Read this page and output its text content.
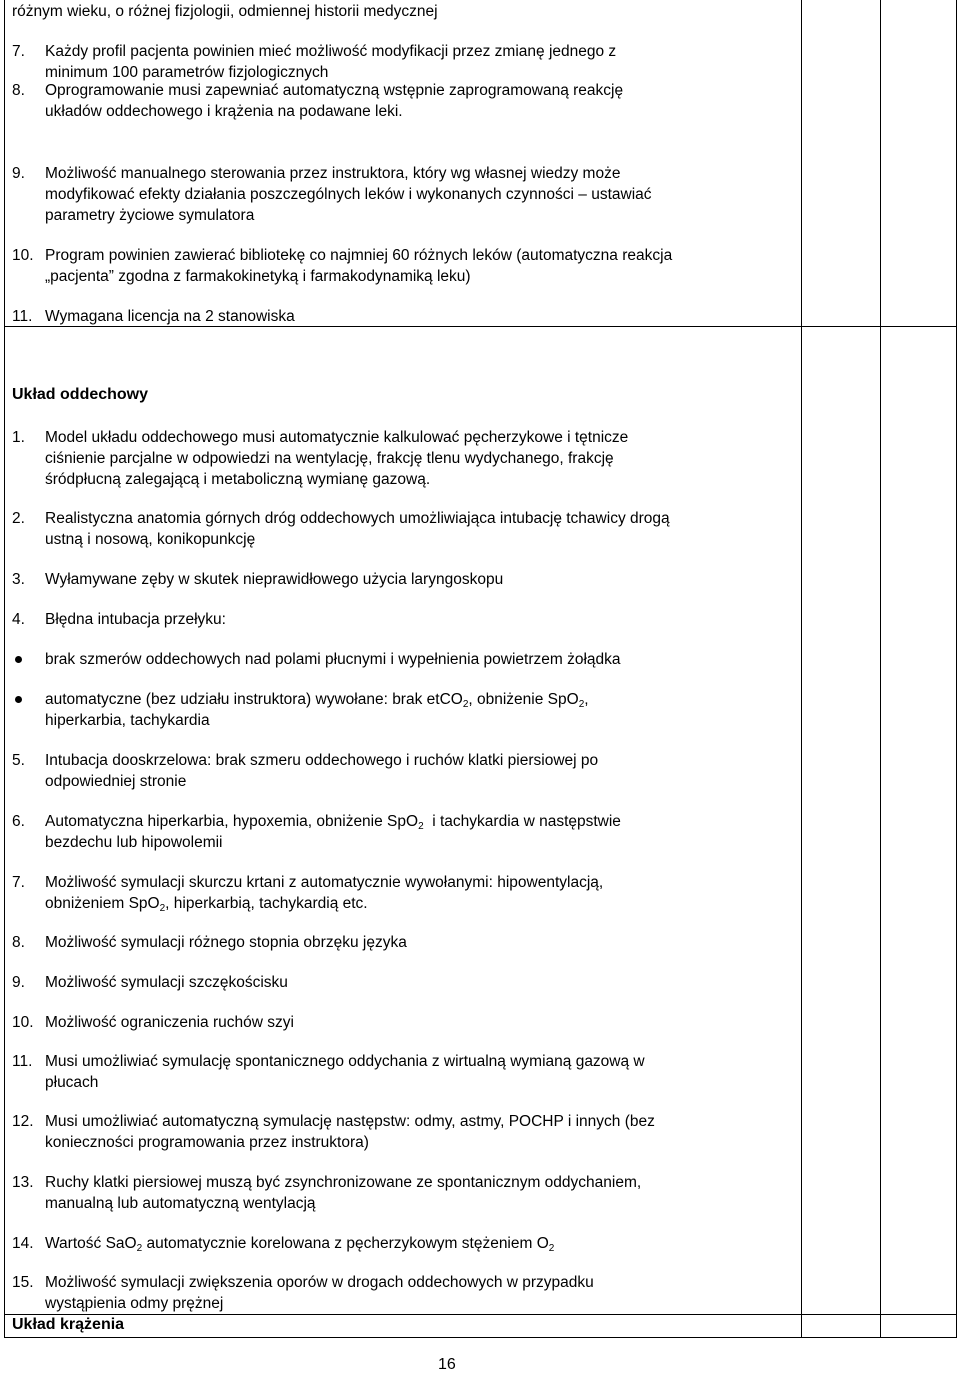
różnym wieku, o różnej fizjologii, odmiennej historii medycznej
7. Każdy profil pacjenta powinien mieć możliwość modyfikacji przez zmianę jednego z
minimum 100 parametrów fizjologicznych
8. Oprogramowanie musi zapewniać automatyczną wstępnie zaprogramowaną reakcję
układów oddechowego i krążenia na podawane leki.
9. Możliwość manualnego sterowania przez instruktora, który wg własnej wiedzy może
modyfikować efekty działania poszczególnych leków i wykonanych czynności – ustawiać
parametry życiowe symulatora
10. Program powinien zawierać bibliotekę co najmniej 60 różnych leków (automatyczna reakcja
„pacjenta” zgodna z farmakokinetyką i farmakodynamiką leku)
11. Wymagana licencja na 2 stanowiska
Układ oddechowy
1. Model układu oddechowego musi automatycznie kalkulować pęcherzykowe i tętnicze
ciśnienie parcjalne w odpowiedzi na wentylację, frakcję tlenu wydychanego, frakcję
śródpłucną zalegającą i metaboliczną wymianę gazową.
2. Realistyczna anatomia górnych dróg oddechowych umożliwiająca intubację tchawicy drogą
ustną i nosową, konikopunkcję
3. Wyłamywane zęby w skutek nieprawidłowego użycia laryngoskopu
4. Błędna intubacja przełyku:
brak szmerów oddechowych nad polami płucnymi i wypełnienia powietrzem żołądka
automatyczne (bez udziału instruktora) wywołane: brak etCO$_2$, obniżenie SpO$_2$,
hiperkarbia, tachykardia
5. Intubacja dooskrzelowa: brak szmeru oddechowego i ruchów klatki piersiowej po
odpowiedniej stronie
6. Automatyczna hiperkarbia, hypoxemia, obniżenie SpO$_2$  i tachykardia w następstwie
bezdechu lub hipowolemii
7. Możliwość symulacji skurczu krtani z automatycznie wywołanymi: hipowentylacją,
obniżeniem SpO$_2$, hiperkarbią, tachykardią etc.
8. Możliwość symulacji różnego stopnia obrzęku języka
9. Możliwość symulacji szczękościsku
10. Możliwość ograniczenia ruchów szyi
11. Musi umożliwiać symulację spontanicznego oddychania z wirtualną wymianą gazową w
płucach
12. Musi umożliwiać automatyczną symulację następstw: odmy, astmy, POCHP i innych (bez
konieczności programowania przez instruktora)
13. Ruchy klatki piersiowej muszą być zsynchronizowane ze spontanicznym oddychaniem,
manualną lub automatyczną wentylacją
14. Wartość SaO$_2$ automatycznie korelowana z pęcherzykowym stężeniem $O_2$
15. Możliwość symulacji zwiększenia oporów w drogach oddechowych w przypadku
wystąpienia odmy prężnej
Układ krążenia
16
